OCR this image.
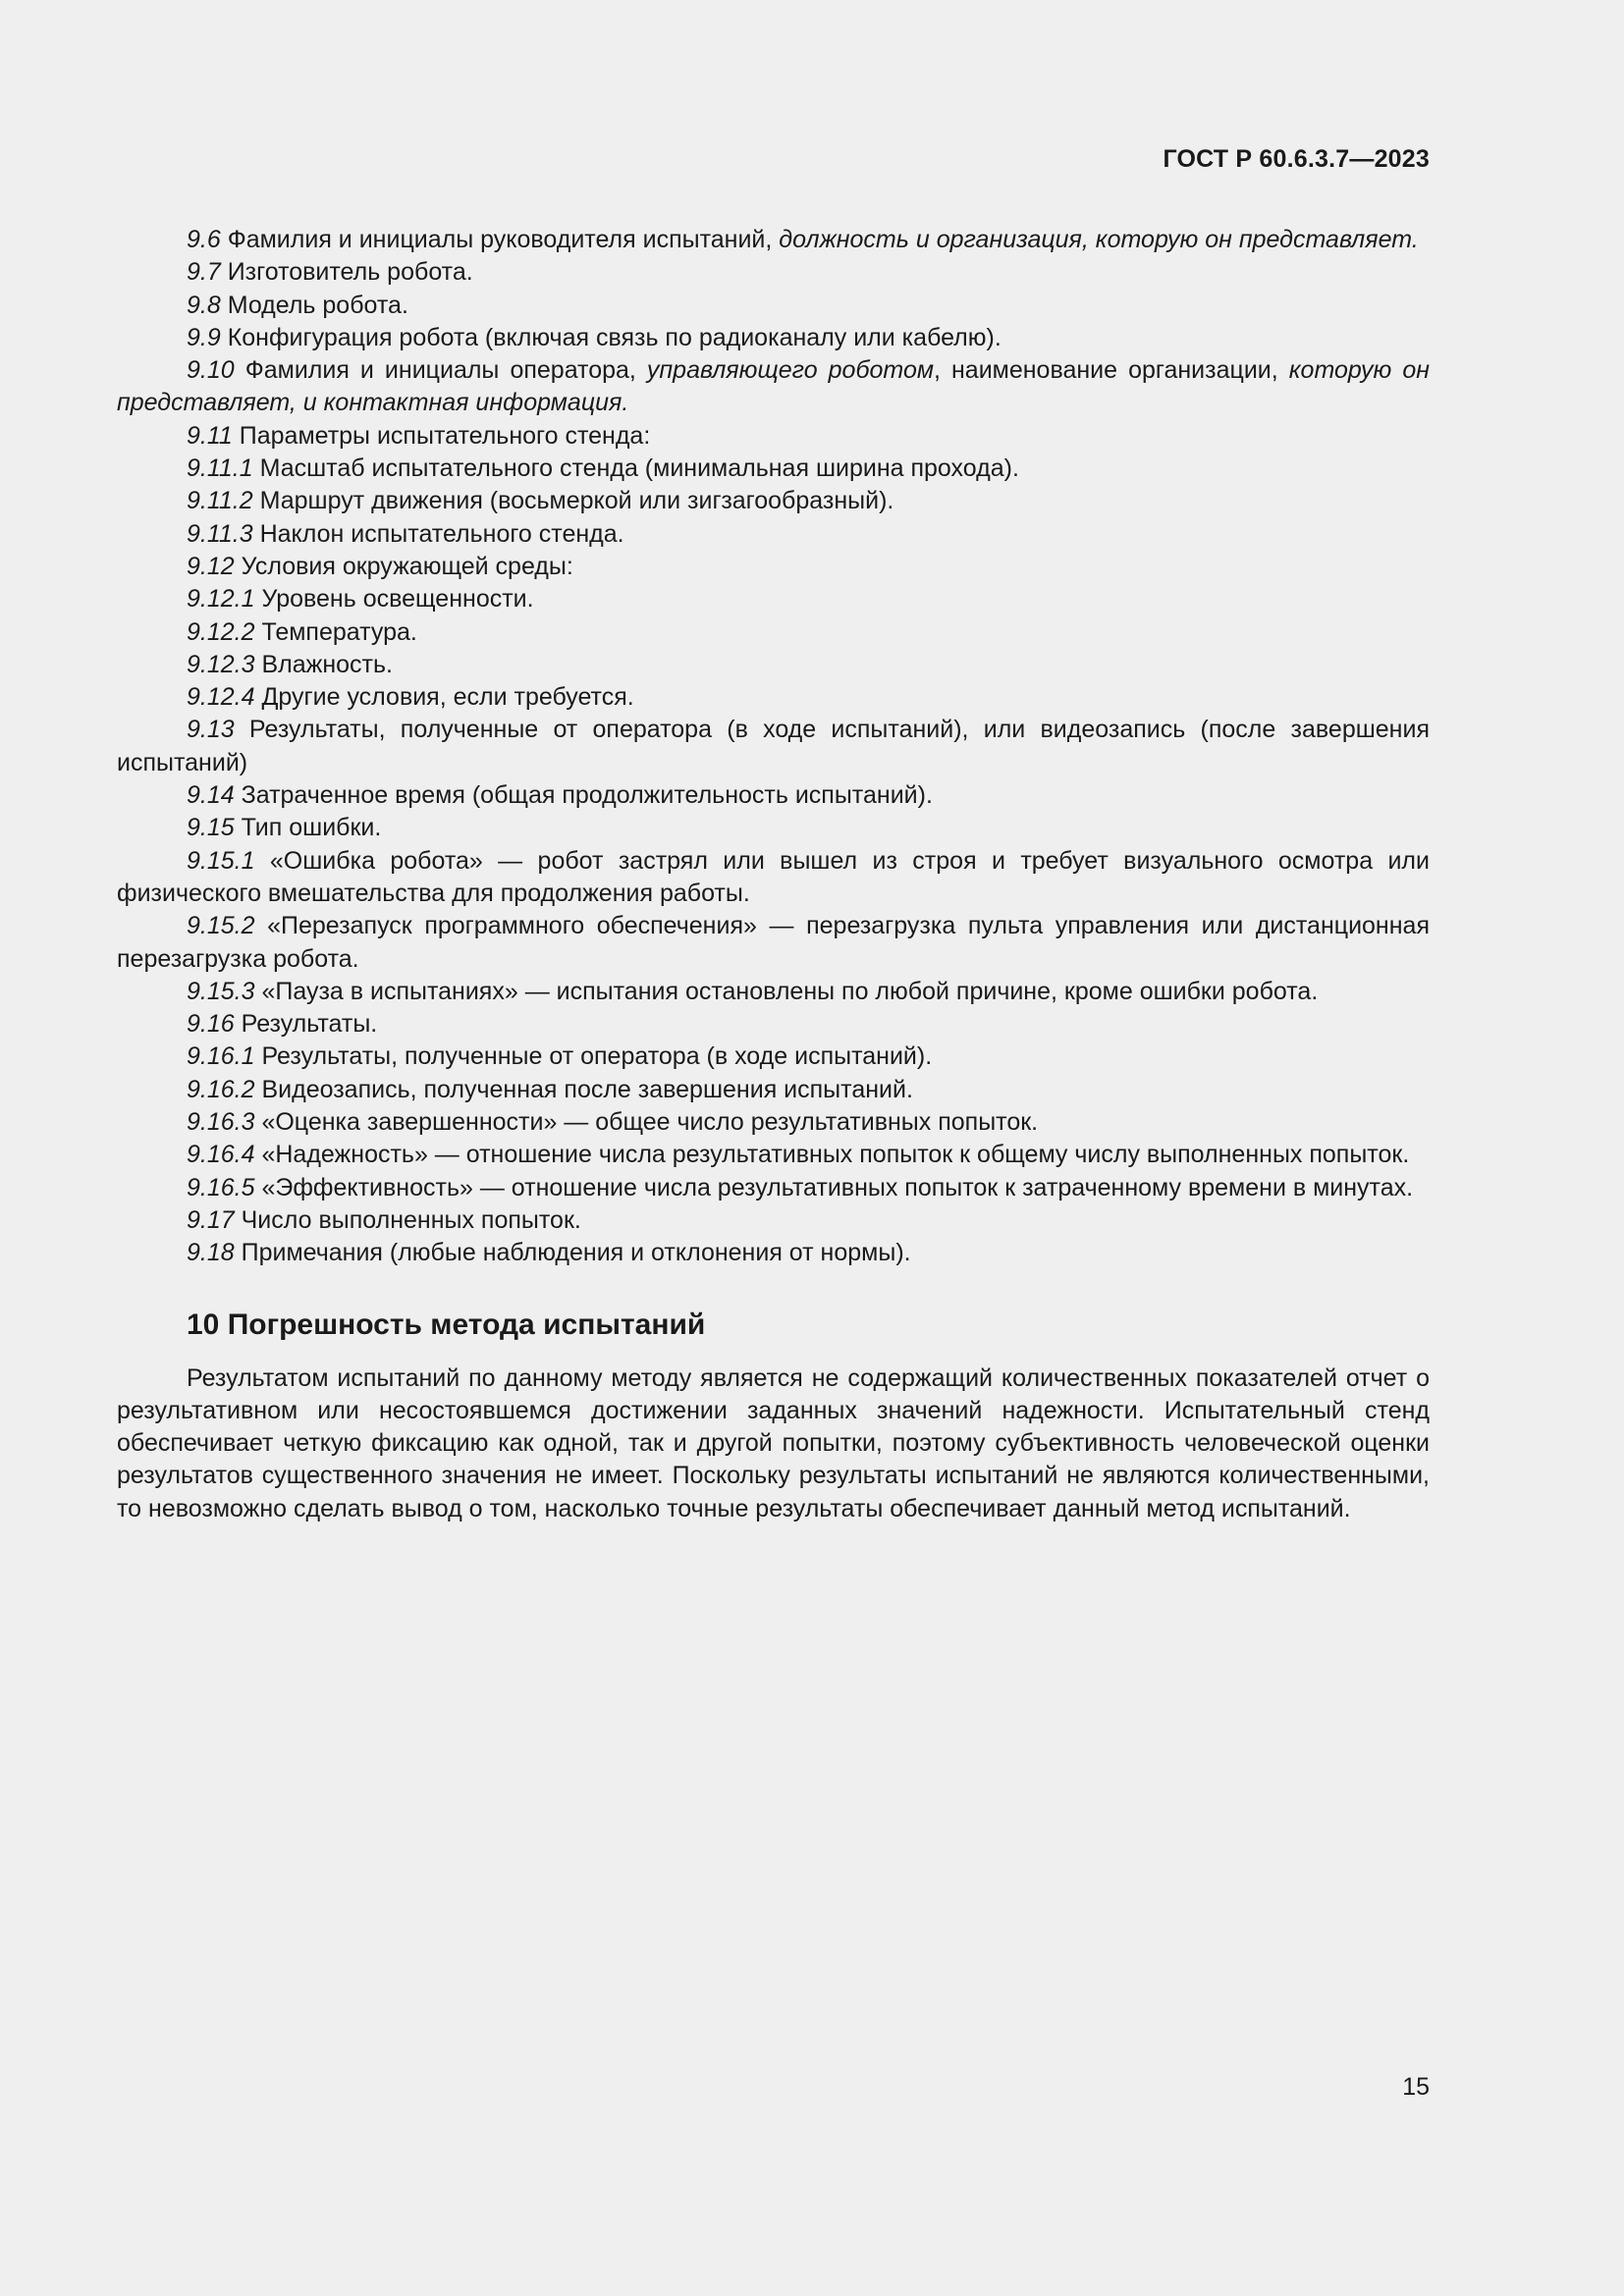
ГОСТ Р 60.6.3.7—2023

9.6 Фамилия и инициалы руководителя испытаний, должность и организация, которую он представляет.

9.7 Изготовитель робота.

9.8 Модель робота.

9.9 Конфигурация робота (включая связь по радиоканалу или кабелю).

9.10 Фамилия и инициалы оператора, управляющего роботом, наименование организации, которую он представляет, и контактная информация.

9.11 Параметры испытательного стенда:

9.11.1 Масштаб испытательного стенда (минимальная ширина прохода).

9.11.2 Маршрут движения (восьмеркой или зигзагообразный).

9.11.3 Наклон испытательного стенда.

9.12 Условия окружающей среды:

9.12.1 Уровень освещенности.

9.12.2 Температура.

9.12.3 Влажность.

9.12.4 Другие условия, если требуется.

9.13 Результаты, полученные от оператора (в ходе испытаний), или видеозапись (после завершения испытаний)

9.14 Затраченное время (общая продолжительность испытаний).

9.15 Тип ошибки.

9.15.1 «Ошибка робота» — робот застрял или вышел из строя и требует визуального осмотра или физического вмешательства для продолжения работы.

9.15.2 «Перезапуск программного обеспечения» — перезагрузка пульта управления или дистанционная перезагрузка робота.

9.15.3 «Пауза в испытаниях» — испытания остановлены по любой причине, кроме ошибки робота.

9.16 Результаты.

9.16.1 Результаты, полученные от оператора (в ходе испытаний).

9.16.2 Видеозапись, полученная после завершения испытаний.

9.16.3 «Оценка завершенности» — общее число результативных попыток.

9.16.4 «Надежность» — отношение числа результативных попыток к общему числу выполненных попыток.

9.16.5 «Эффективность» — отношение числа результативных попыток к затраченному времени в минутах.

9.17 Число выполненных попыток.

9.18 Примечания (любые наблюдения и отклонения от нормы).

10 Погрешность метода испытаний

Результатом испытаний по данному методу является не содержащий количественных показателей отчет о результативном или несостоявшемся достижении заданных значений надежности. Испытательный стенд обеспечивает четкую фиксацию как одной, так и другой попытки, поэтому субъективность человеческой оценки результатов существенного значения не имеет. Поскольку результаты испытаний не являются количественными, то невозможно сделать вывод о том, насколько точные результаты обеспечивает данный метод испытаний.

15
